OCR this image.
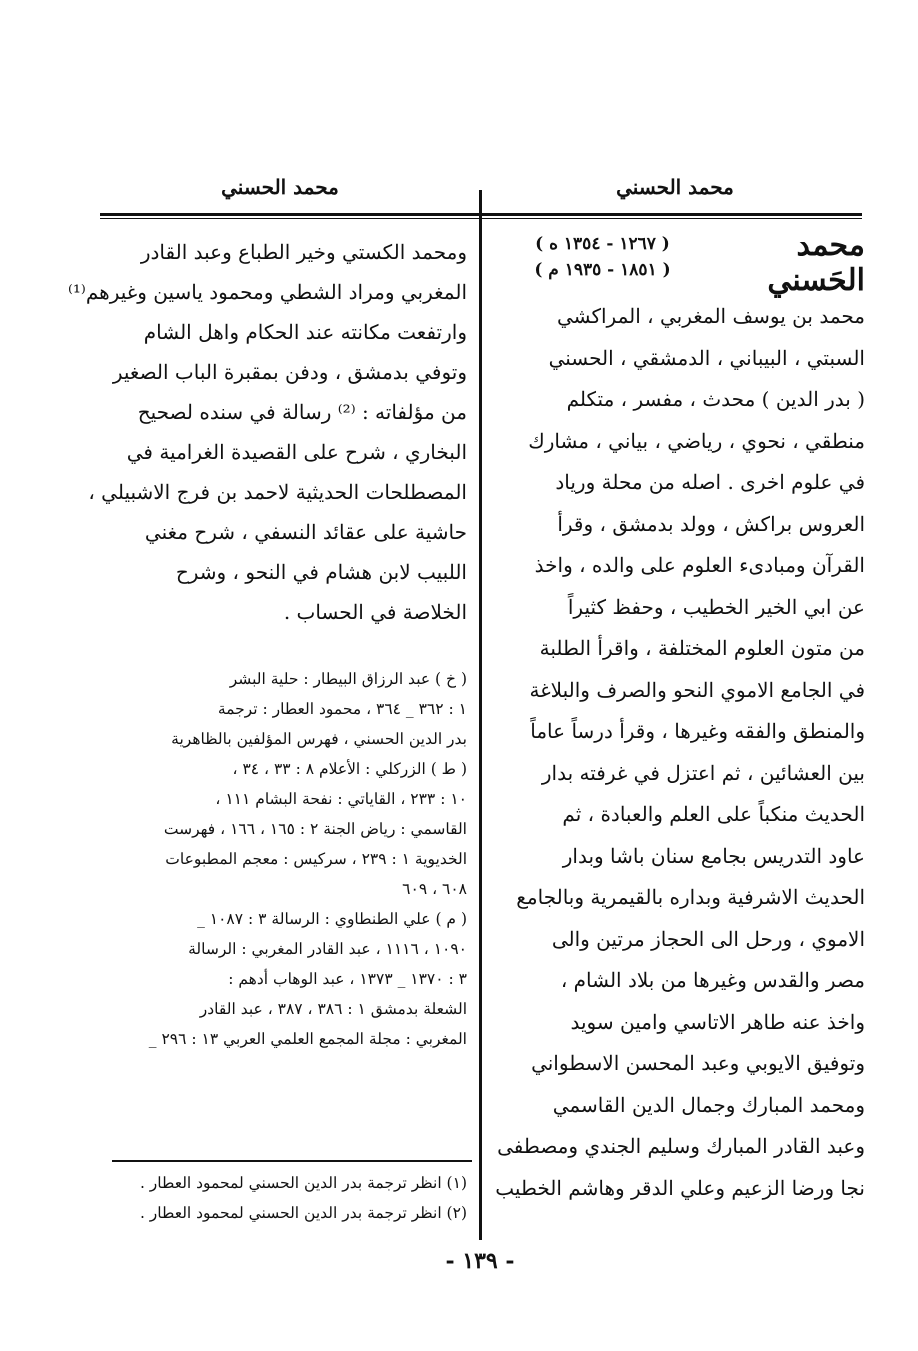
محمد الحسني	محمد الحسني
محمد الحَسني
( ١٢٦٧ - ١٣٥٤ ه )
( ١٨٥١ - ١٩٣٥ م )
محمد بن يوسف المغربي ، المراكشي
السبتي ، البيباني ، الدمشقي ، الحسني
( بدر الدين ) محدث ، مفسر ، متكلم
منطقي ، نحوي ، رياضي ، بياني ، مشارك
في علوم اخرى . اصله من محلة ورياد
العروس براكش ، وولد بدمشق ، وقرأ
القرآن ومبادىء العلوم على والده ، واخذ
عن ابي الخير الخطيب ، وحفظ كثيراً
من متون العلوم المختلفة ، واقرأ الطلبة
في الجامع الاموي النحو والصرف والبلاغة
والمنطق والفقه وغيرها ، وقرأ درساً عاماً
بين العشائين ، ثم اعتزل في غرفته بدار
الحديث منكباً على العلم والعبادة ، ثم
عاود التدريس بجامع سنان باشا وبدار
الحديث الاشرفية وبداره بالقيمرية وبالجامع
الاموي ، ورحل الى الحجاز مرتين والى
مصر والقدس وغيرها من بلاد الشام ،
واخذ عنه طاهر الاتاسي وامين سويد
وتوفيق الايوبي وعبد المحسن الاسطواني
ومحمد المبارك وجمال الدين القاسمي
وعبد القادر المبارك وسليم الجندي ومصطفى
نجا ورضا الزعيم وعلي الدقر وهاشم الخطيب
ومحمد الكستي وخير الطباع وعبد القادر
المغربي ومراد الشطي ومحمود ياسين وغيرهم⁽¹⁾
وارتفعت مكانته عند الحكام واهل الشام
وتوفي بدمشق ، ودفن بمقبرة الباب الصغير
من مؤلفاته : ⁽²⁾ رسالة في سنده لصحيح
البخاري ، شرح على القصيدة الغرامية في
المصطلحات الحديثية لاحمد بن فرج الاشبيلي ،
حاشية على عقائد النسفي ، شرح مغني
اللبيب لابن هشام في النحو ، وشرح
الخلاصة في الحساب .
( خ ) عبد الرزاق البيطار : حلية البشر
١ : ٣٦٢ _ ٣٦٤ ، محمود العطار : ترجمة
بدر الدين الحسني ، فهرس المؤلفين بالظاهرية
( ط ) الزركلي : الأعلام ٨ : ٣٣ ، ٣٤ ،
١٠ : ٢٣٣ ، القاياتي : نفحة البشام ١١١ ،
القاسمي : رياض الجنة ٢ : ١٦٥ ، ١٦٦ ، فهرست
الخديوية ١ : ٢٣٩ ، سركيس : معجم المطبوعات
٦٠٨ ، ٦٠٩
( م ) علي الطنطاوي : الرسالة ٣ : ١٠٨٧ _
١٠٩٠ ، ١١١٦ ، عبد القادر المغربي : الرسالة
٣ : ١٣٧٠ _ ١٣٧٣ ، عبد الوهاب أدهم :
الشعلة بدمشق ١ : ٣٨٦ ، ٣٨٧ ، عبد القادر
المغربي : مجلة المجمع العلمي العربي ١٣ : ٢٩٦ _
(١) انظر ترجمة بدر الدين الحسني لمحمود العطار .
(٢) انظر ترجمة بدر الدين الحسني لمحمود العطار .
- ١٣٩ -
